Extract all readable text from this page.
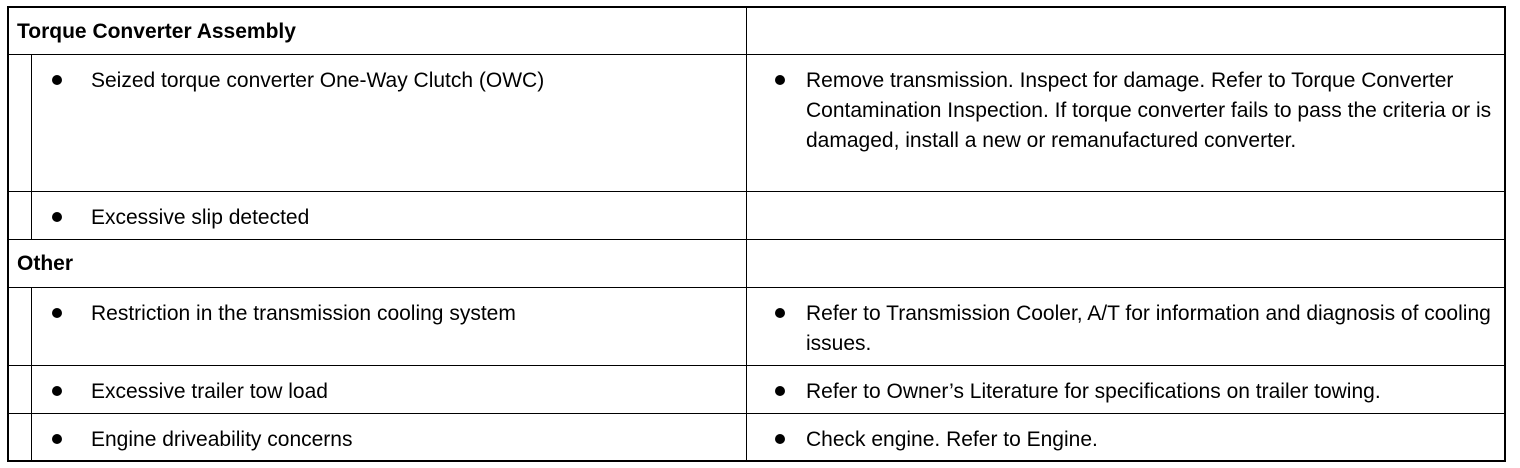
Torque Converter Assembly
Seized torque converter One-Way Clutch (OWC)	Remove transmission. Inspect for damage. Refer to Torque Converter Contamination Inspection. If torque converter fails to pass the criteria or is damaged, install a new or remanufactured converter.
Excessive slip detected
Other
Restriction in the transmission cooling system	Refer to Transmission Cooler, A/T for information and diagnosis of cooling issues.
Excessive trailer tow load	Refer to Owner’s Literature for specifications on trailer towing.
Engine driveability concerns	Check engine. Refer to Engine.
